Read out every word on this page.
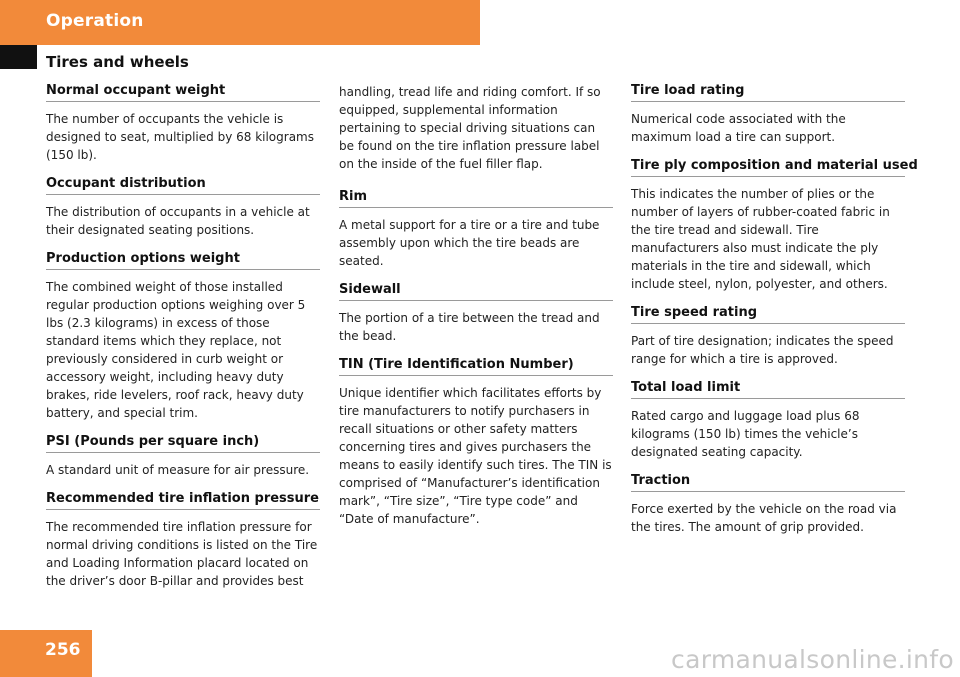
Operation
Tires and wheels
Normal occupant weight
The number of occupants the vehicle is designed to seat, multiplied by 68 kilograms (150 lb).
Occupant distribution
The distribution of occupants in a vehicle at their designated seating positions.
Production options weight
The combined weight of those installed regular production options weighing over 5 lbs (2.3 kilograms) in excess of those standard items which they replace, not previously considered in curb weight or accessory weight, including heavy duty brakes, ride levelers, roof rack, heavy duty battery, and special trim.
PSI (Pounds per square inch)
A standard unit of measure for air pressure.
Recommended tire inflation pressure
The recommended tire inflation pressure for normal driving conditions is listed on the Tire and Loading Information placard located on the driver’s door B-pillar and provides best
handling, tread life and riding comfort. If so equipped, supplemental information pertaining to special driving situations can be found on the tire inflation pressure label on the inside of the fuel filler flap.
Rim
A metal support for a tire or a tire and tube assembly upon which the tire beads are seated.
Sidewall
The portion of a tire between the tread and the bead.
TIN (Tire Identification Number)
Unique identifier which facilitates efforts by tire manufacturers to notify purchasers in recall situations or other safety matters concerning tires and gives purchasers the means to easily identify such tires. The TIN is comprised of “Manufacturer’s identification mark”, “Tire size”, “Tire type code” and “Date of manufacture”.
Tire load rating
Numerical code associated with the maximum load a tire can support.
Tire ply composition and material used
This indicates the number of plies or the number of layers of rubber-coated fabric in the tire tread and sidewall. Tire manufacturers also must indicate the ply materials in the tire and sidewall, which include steel, nylon, polyester, and others.
Tire speed rating
Part of tire designation; indicates the speed range for which a tire is approved.
Total load limit
Rated cargo and luggage load plus 68 kilograms (150 lb) times the vehicle’s designated seating capacity.
Traction
Force exerted by the vehicle on the road via the tires. The amount of grip provided.
256	carmanualsonline.info
